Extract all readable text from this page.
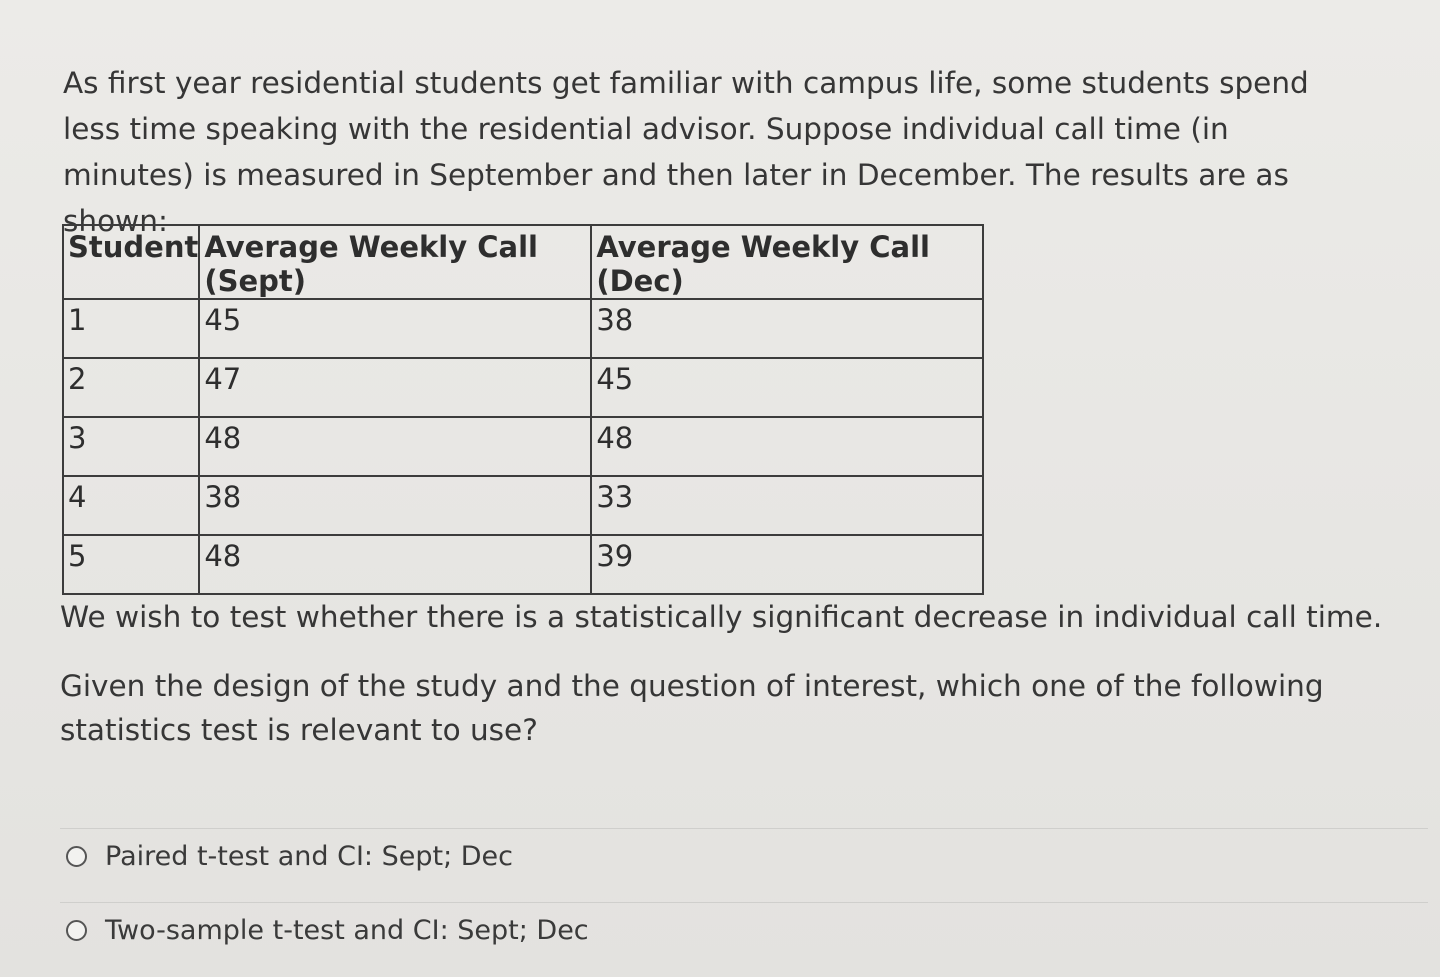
As first year residential students get familiar with campus life, some students spend less time speaking with the residential advisor. Suppose individual call time (in minutes) is measured in September and then later in December. The results are as shown:

Student	Average Weekly Call (Sept)	Average Weekly Call (Dec)
1	45	38
2	47	45
3	48	48
4	38	33
5	48	39

We wish to test whether there is a statistically significant decrease in individual call time.

Given the design of the study and the question of interest, which one of the following statistics test is relevant to use?

Paired t-test and CI: Sept; Dec
Two-sample t-test and CI: Sept; Dec
